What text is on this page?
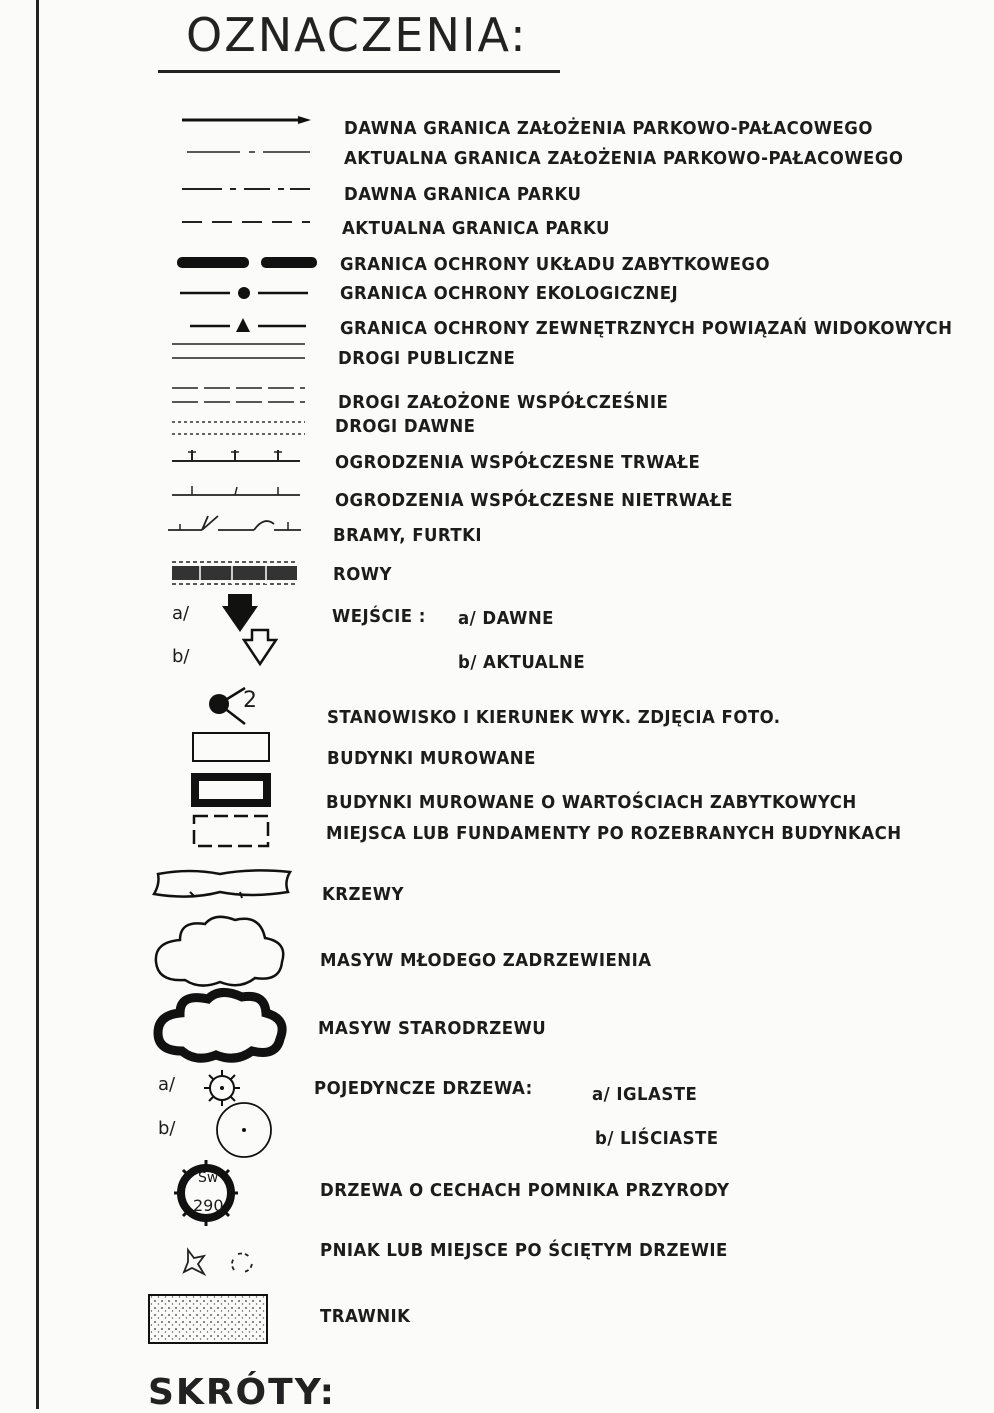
OZNACZENIA:
DAWNA GRANICA ZAŁOŻENIA PARKOWO-PAŁACOWEGO
AKTUALNA GRANICA ZAŁOŻENIA PARKOWO-PAŁACOWEGO
DAWNA GRANICA PARKU
AKTUALNA GRANICA PARKU
GRANICA OCHRONY UKŁADU ZABYTKOWEGO
GRANICA OCHRONY EKOLOGICZNEJ
GRANICA OCHRONY ZEWNĘTRZNYCH POWIĄZAŃ WIDOKOWYCH
DROGI PUBLICZNE
DROGI ZAŁOŻONE WSPÓŁCZEŚNIE
DROGI DAWNE
OGRODZENIA WSPÓŁCZESNE TRWAŁE
OGRODZENIA WSPÓŁCZESNE NIETRWAŁE
BRAMY, FURTKI
ROWY
a/	WEJŚCIE : a/ DAWNE
b/	b/ AKTUALNE
2
STANOWISKO I KIERUNEK WYK. ZDJĘCIA FOTO.
BUDYNKI MUROWANE
BUDYNKI MUROWANE O WARTOŚCIACH ZABYTKOWYCH
MIEJSCA LUB FUNDAMENTY PO ROZEBRANYCH BUDYNKACH
KRZEWY
MASYW MŁODEGO ZADRZEWIENIA
MASYW STARODRZEWU
a/	POJEDYNCZE DRZEWA:	a/ IGLASTE
b/	b/ LIŚCIASTE
Sw
290
DRZEWA O CECHACH POMNIKA PRZYRODY
PNIAK LUB MIEJSCE PO ŚCIĘTYM DRZEWIE
TRAWNIK
SKRÓTY:
